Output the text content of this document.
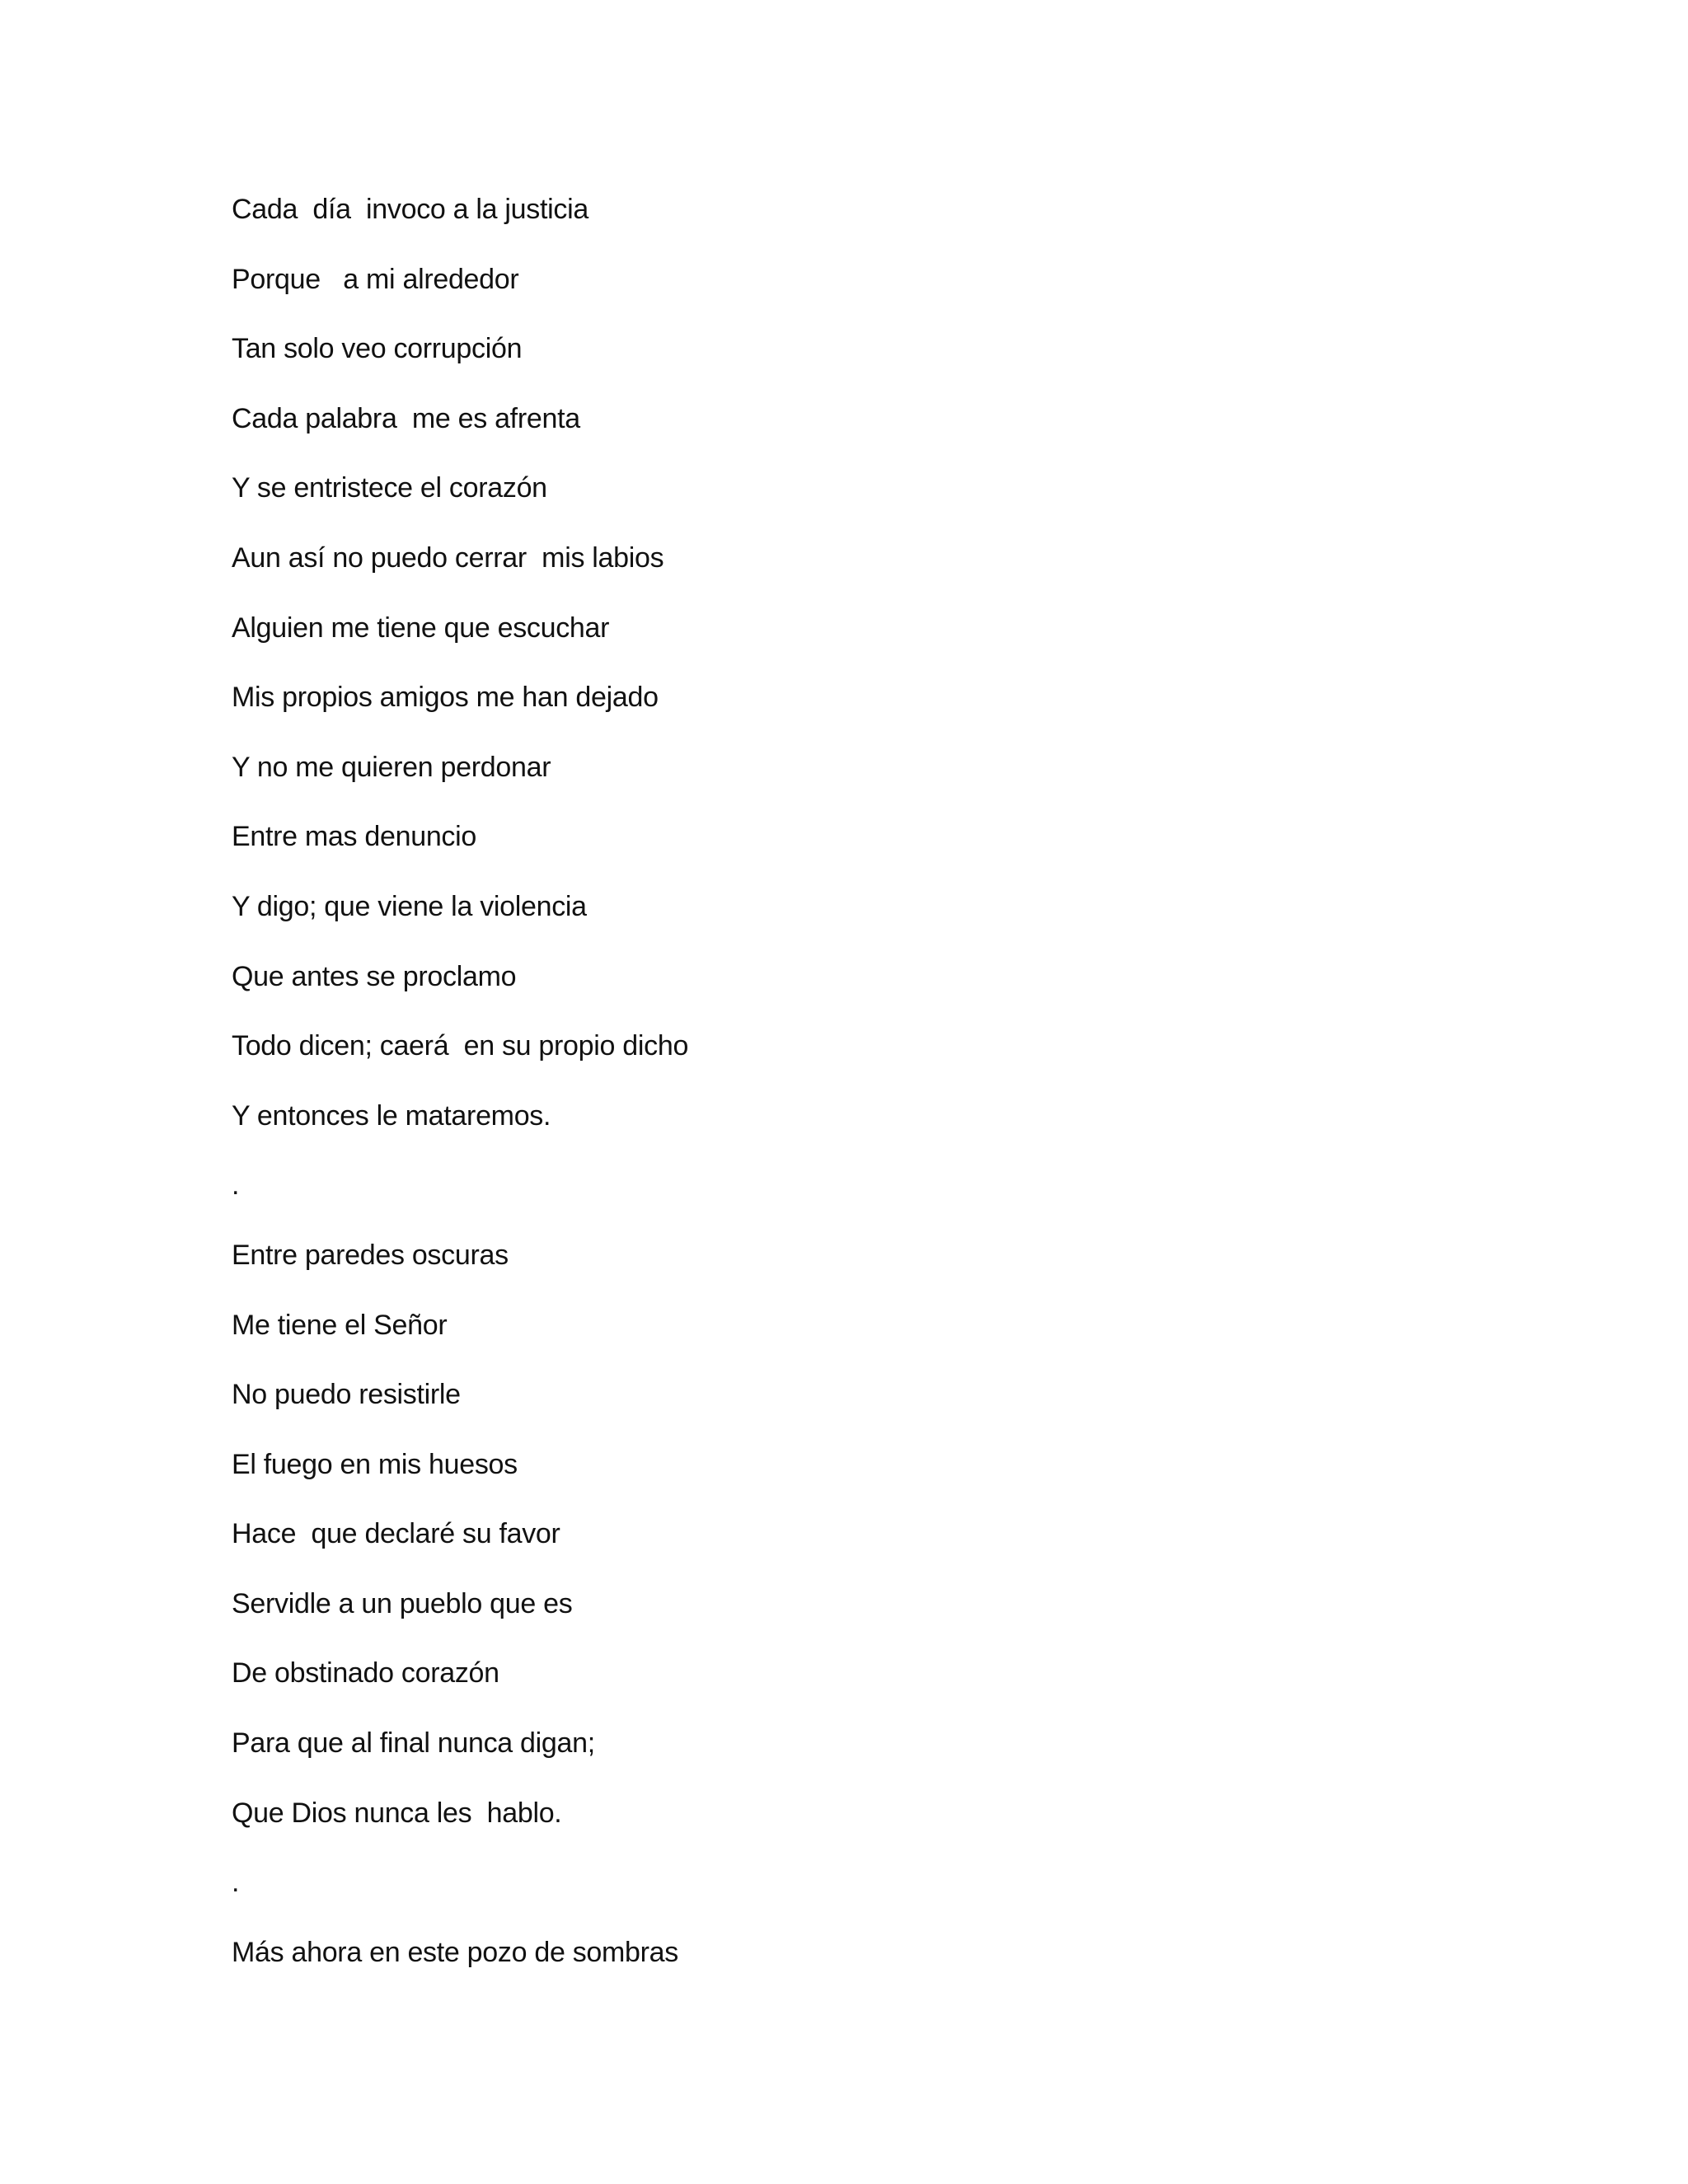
Cada  día  invoco a la justicia
Porque   a mi alrededor
Tan solo veo corrupción
Cada palabra  me es afrenta
Y se entristece el corazón
Aun así no puedo cerrar  mis labios
Alguien me tiene que escuchar
Mis propios amigos me han dejado
Y no me quieren perdonar
Entre mas denuncio
Y digo; que viene la violencia
Que antes se proclamo
Todo dicen; caerá  en su propio dicho
Y entonces le mataremos.
.
Entre paredes oscuras
Me tiene el Señor
No puedo resistirle
El fuego en mis huesos
Hace  que declaré su favor
Servidle a un pueblo que es
De obstinado corazón
Para que al final nunca digan;
Que Dios nunca les  hablo.
.
Más ahora en este pozo de sombras
